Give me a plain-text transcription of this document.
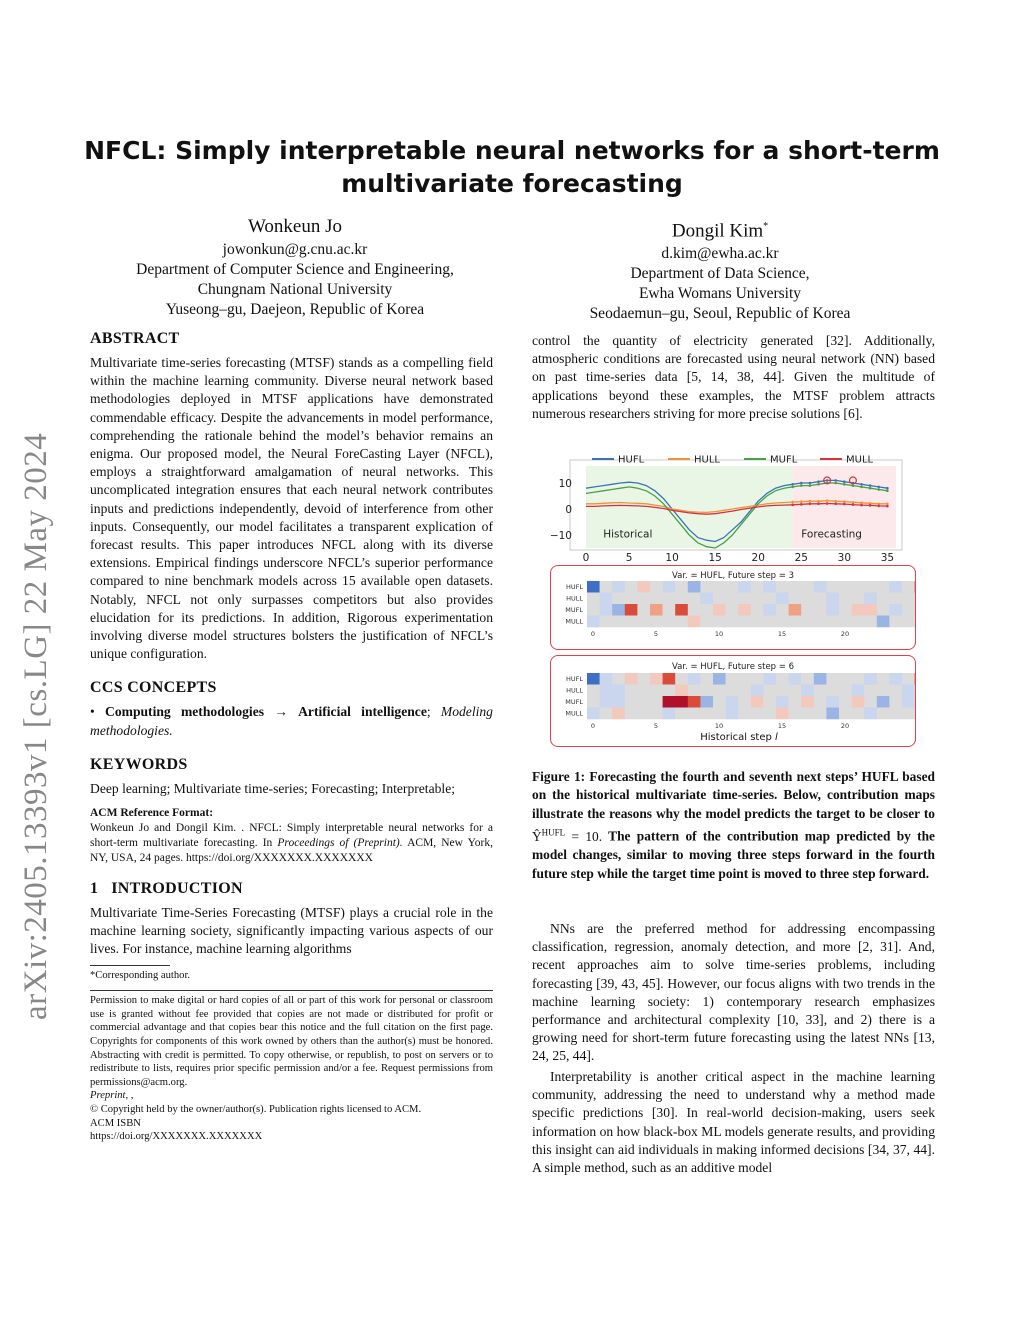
arXiv:2405.13393v1 [cs.LG] 22 May 2024
NFCL: Simply interpretable neural networks for a short-term
multivariate forecasting
Wonkeun Jo
jowonkun@g.cnu.ac.kr
Department of Computer Science and Engineering,
Chungnam National University
Yuseong–gu, Daejeon, Republic of Korea
Dongil Kim*
d.kim@ewha.ac.kr
Department of Data Science,
Ewha Womans University
Seodaemun–gu, Seoul, Republic of Korea
ABSTRACT
Multivariate time-series forecasting (MTSF) stands as a compelling field within the machine learning community. Diverse neural network based methodologies deployed in MTSF applications have demonstrated commendable efficacy. Despite the advancements in model performance, comprehending the rationale behind the model’s behavior remains an enigma. Our proposed model, the Neural ForeCasting Layer (NFCL), employs a straightforward amalgamation of neural networks. This uncomplicated integration ensures that each neural network contributes inputs and predictions independently, devoid of interference from other inputs. Consequently, our model facilitates a transparent explication of forecast results. This paper introduces NFCL along with its diverse extensions. Empirical findings underscore NFCL’s superior performance compared to nine benchmark models across 15 available open datasets. Notably, NFCL not only surpasses competitors but also provides elucidation for its predictions. In addition, Rigorous experimentation involving diverse model structures bolsters the justification of NFCL’s unique configuration.
CCS CONCEPTS
• Computing methodologies → Artificial intelligence; Modeling methodologies.
KEYWORDS
Deep learning; Multivariate time-series; Forecasting; Interpretable;
ACM Reference Format:
Wonkeun Jo and Dongil Kim. . NFCL: Simply interpretable neural networks for a short-term multivariate forecasting. In Proceedings of (Preprint). ACM, New York, NY, USA, 24 pages. https://doi.org/XXXXXXX.XXXXXXX
1 INTRODUCTION
Multivariate Time-Series Forecasting (MTSF) plays a crucial role in the machine learning society, significantly impacting various aspects of our lives. For instance, machine learning algorithms
*Corresponding author.
Permission to make digital or hard copies of all or part of this work for personal or classroom use is granted without fee provided that copies are not made or distributed for profit or commercial advantage and that copies bear this notice and the full citation on the first page. Copyrights for components of this work owned by others than the author(s) must be honored. Abstracting with credit is permitted. To copy otherwise, or republish, to post on servers or to redistribute to lists, requires prior specific permission and/or a fee. Request permissions from permissions@acm.org.
Preprint, ,
© Copyright held by the owner/author(s). Publication rights licensed to ACM.
ACM ISBN
https://doi.org/XXXXXXX.XXXXXXX
control the quantity of electricity generated [32]. Additionally, atmospheric conditions are forecasted using neural network (NN) based on past time-series data [5, 14, 38, 44]. Given the multitude of applications beyond these examples, the MTSF problem attracts numerous researchers striving for more precise solutions [6].
HUFL	HULL	MUFL	MULL
Historical	Forecasting
10
0
−10
0	5	10	15	20	25	30	35
Var. = HUFL, Future step = 3
HUFL
HULL
MUFL
MULL
0	5	10	15	20
Var. = HUFL, Future step = 6
Historical step l
HUFL
HULL
MUFL
MULL
0	5	10	15	20
Figure 1: Forecasting the fourth and seventh next steps’ HUFL based on the historical multivariate time-series. Below, contribution maps illustrate the reasons why the model predicts the target to be closer to $Ŷ^{HUFL} = 10$. The pattern of the contribution map predicted by the model changes, similar to moving three steps forward in the fourth future step while the target time point is moved to three step forward.
NNs are the preferred method for addressing encompassing classification, regression, anomaly detection, and more [2, 31]. And, recent approaches aim to solve time-series problems, including forecasting [39, 43, 45]. However, our focus aligns with two trends in the machine learning society: 1) contemporary research emphasizes performance and architectural complexity [10, 33], and 2) there is a growing need for short-term future forecasting using the latest NNs [13, 24, 25, 44].
Interpretability is another critical aspect in the machine learning community, addressing the need to understand why a method made specific predictions [30]. In real-world decision-making, users seek information on how black-box ML models generate results, and providing this insight can aid individuals in making informed decisions [34, 37, 44]. A simple method, such as an additive model
